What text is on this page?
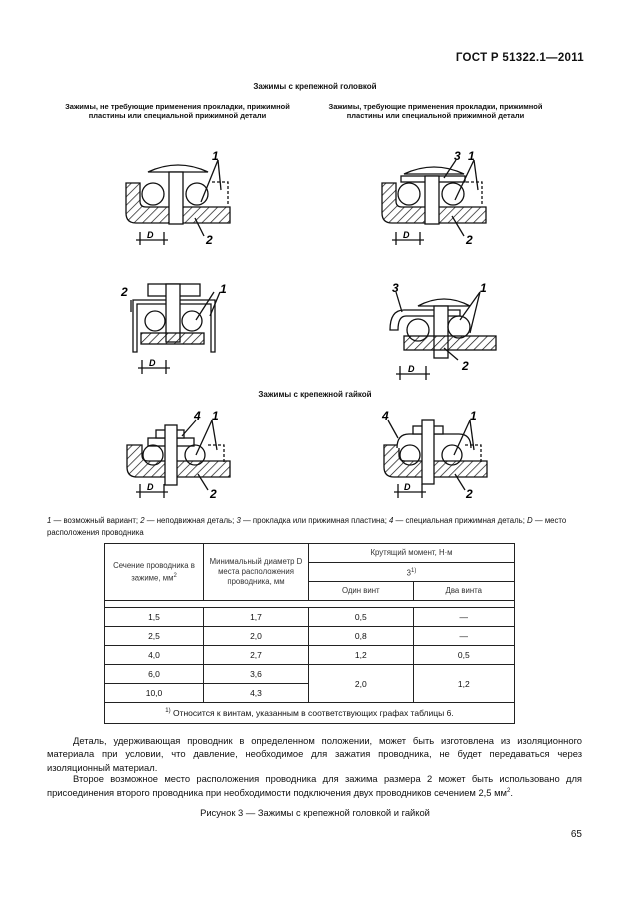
ГОСТ Р 51322.1—2011
Зажимы с крепежной головкой
Зажимы, не требующие применения прокладки, прижимной пластины или специальной прижимной детали
Зажимы, требующие применения прокладки, прижимной пластины или специальной прижимной детали
Зажимы с крепежной гайкой
1
2
D
1
3
2
D
1
2
D
1
3
2
D
1
4
2
D
1
4
2
D
1 — возможный вариант; 2 — неподвижная деталь; 3 — прокладка или прижимная пластина; 4 — специальная прижимная деталь; D — место расположения проводника
Сечение проводника в зажиме, $мм^2$	Минимальный диаметр D места расположения проводника, мм	Крутящий момент, Н·м	
		3$^{1)}$
		Один винт	Два винта

1,5	1,7	0,5	—
2,5	2,0	0,8	—
4,0	2,7	1,2	0,5
6,0	3,6	2,0	1,2
10,0	4,3		
$^{1)}$ Относится к винтам, указанным в соответствующих графах таблицы 6.			
Деталь, удерживающая проводник в определенном положении, может быть изготовлена из изоляционного материала при условии, что давление, необходимое для зажатия проводника, не будет передаваться через изоляционный материал.
Второе возможное место расположения проводника для зажима размера 2 может быть использовано для присоединения второго проводника при необходимости подключения двух проводников сечением 2,5 $мм^2$.
Рисунок 3 — Зажимы с крепежной головкой и гайкой
65
